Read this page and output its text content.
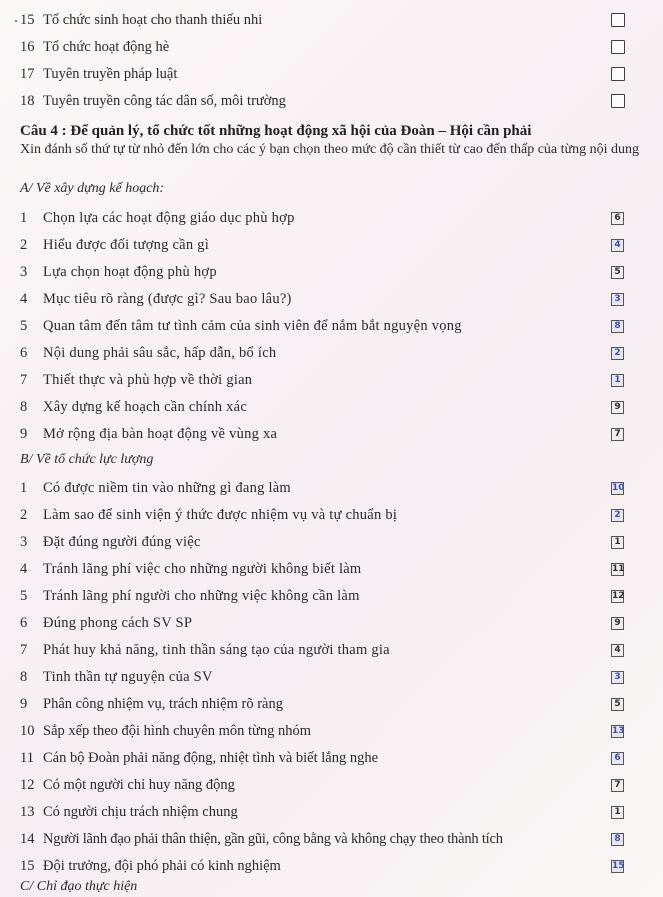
15 Tổ chức sinh hoạt cho thanh thiếu nhi
16 Tổ chức hoạt động hè
17 Tuyên truyền pháp luật
18 Tuyên truyền công tác dân số, môi trường
Câu 4 : Để quản lý, tổ chức tốt những hoạt động xã hội của Đoàn – Hội cần phải
Xin đánh số thứ tự từ nhỏ đến lớn cho các ý bạn chọn theo mức độ cần thiết từ cao đến thấp của từng nội dung
A/ Về xây dựng kế hoạch:
1 Chọn lựa các hoạt động giáo dục phù hợp	6
2 Hiểu được đối tượng cần gì	4
3 Lựa chọn hoạt động phù hợp	5
4 Mục tiêu rõ ràng (được gì? Sau bao lâu?)	3
5 Quan tâm đến tâm tư tình cảm của sinh viên để nắm bắt nguyện vọng	8
6 Nội dung phải sâu sắc, hấp dẫn, bổ ích	2
7 Thiết thực và phù hợp về thời gian	1
8 Xây dựng kế hoạch cần chính xác	9
9 Mở rộng địa bàn hoạt động về vùng xa	7
B/ Về tổ chức lực lượng
1 Có được niềm tin vào những gì đang làm	10
2 Làm sao để sinh viện ý thức được nhiệm vụ và tự chuẩn bị	2
3 Đặt đúng người đúng việc	1
4 Tránh lãng phí việc cho những người không biết làm	11
5 Tránh lãng phí người cho những việc không cần làm	12
6 Đúng phong cách SV SP	9
7 Phát huy khả năng, tinh thần sáng tạo của người tham gia	4
8 Tinh thần tự nguyện của SV	3
9 Phân công nhiệm vụ, trách nhiệm rõ ràng	5
10 Sắp xếp theo đội hình chuyên môn từng nhóm	13
11 Cán bộ Đoàn phải năng động, nhiệt tình và biết lắng nghe	6
12 Có một người chỉ huy năng động	7
13 Có người chịu trách nhiệm chung	1
14 Người lãnh đạo phải thân thiện, gần gũi, công bằng và không chạy theo thành tích	8
15 Đội trưởng, đội phó phải có kinh nghiệm	15
C/ Chỉ đạo thực hiện
